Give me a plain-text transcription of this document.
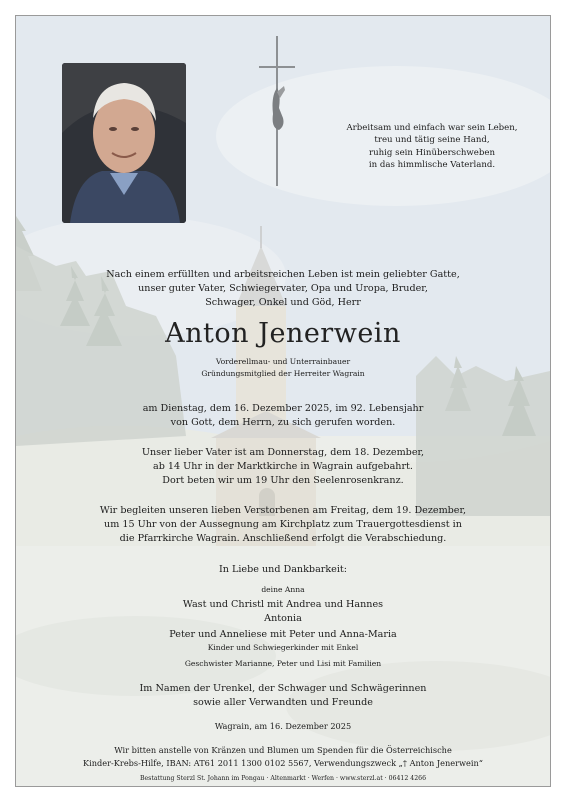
Arbeitsam und einfach war sein Leben,
treu und tätig seine Hand,
ruhig sein Hinüberschweben
in das himmlische Vaterland.
Nach einem erfüllten und arbeitsreichen Leben ist mein geliebter Gatte,
unser guter Vater, Schwiegervater, Opa und Uropa, Bruder,
Schwager, Onkel und Göd, Herr
Anton Jenerwein
Vorderellmau- und Unterrainbauer
Gründungsmitglied der Herreiter Wagrain
am Dienstag, dem 16. Dezember 2025, im 92. Lebensjahr
von Gott, dem Herrn, zu sich gerufen worden.
Unser lieber Vater ist am Donnerstag, dem 18. Dezember,
ab 14 Uhr in der Marktkirche in Wagrain aufgebahrt.
Dort beten wir um 19 Uhr den Seelenrosenkranz.
Wir begleiten unseren lieben Verstorbenen am Freitag, dem 19. Dezember,
um 15 Uhr von der Aussegnung am Kirchplatz zum Trauergottesdienst in
die Pfarrkirche Wagrain. Anschließend erfolgt die Verabschiedung.
In Liebe und Dankbarkeit:
deine Anna
Wast und Christl mit Andrea und Hannes
Antonia
Peter und Anneliese mit Peter und Anna-Maria
Kinder und Schwiegerkinder mit Enkel
Geschwister Marianne, Peter und Lisi mit Familien
Im Namen der Urenkel, der Schwager und Schwägerinnen
sowie aller Verwandten und Freunde
Wagrain, am 16. Dezember 2025
Wir bitten anstelle von Kränzen und Blumen um Spenden für die Österreichische
Kinder-Krebs-Hilfe, IBAN: AT61 2011 1300 0102 5567, Verwendungszweck „† Anton Jenerwein“
Bestattung Sterzl St. Johann im Pongau · Altenmarkt · Werfen · www.sterzl.at · 06412 4266
